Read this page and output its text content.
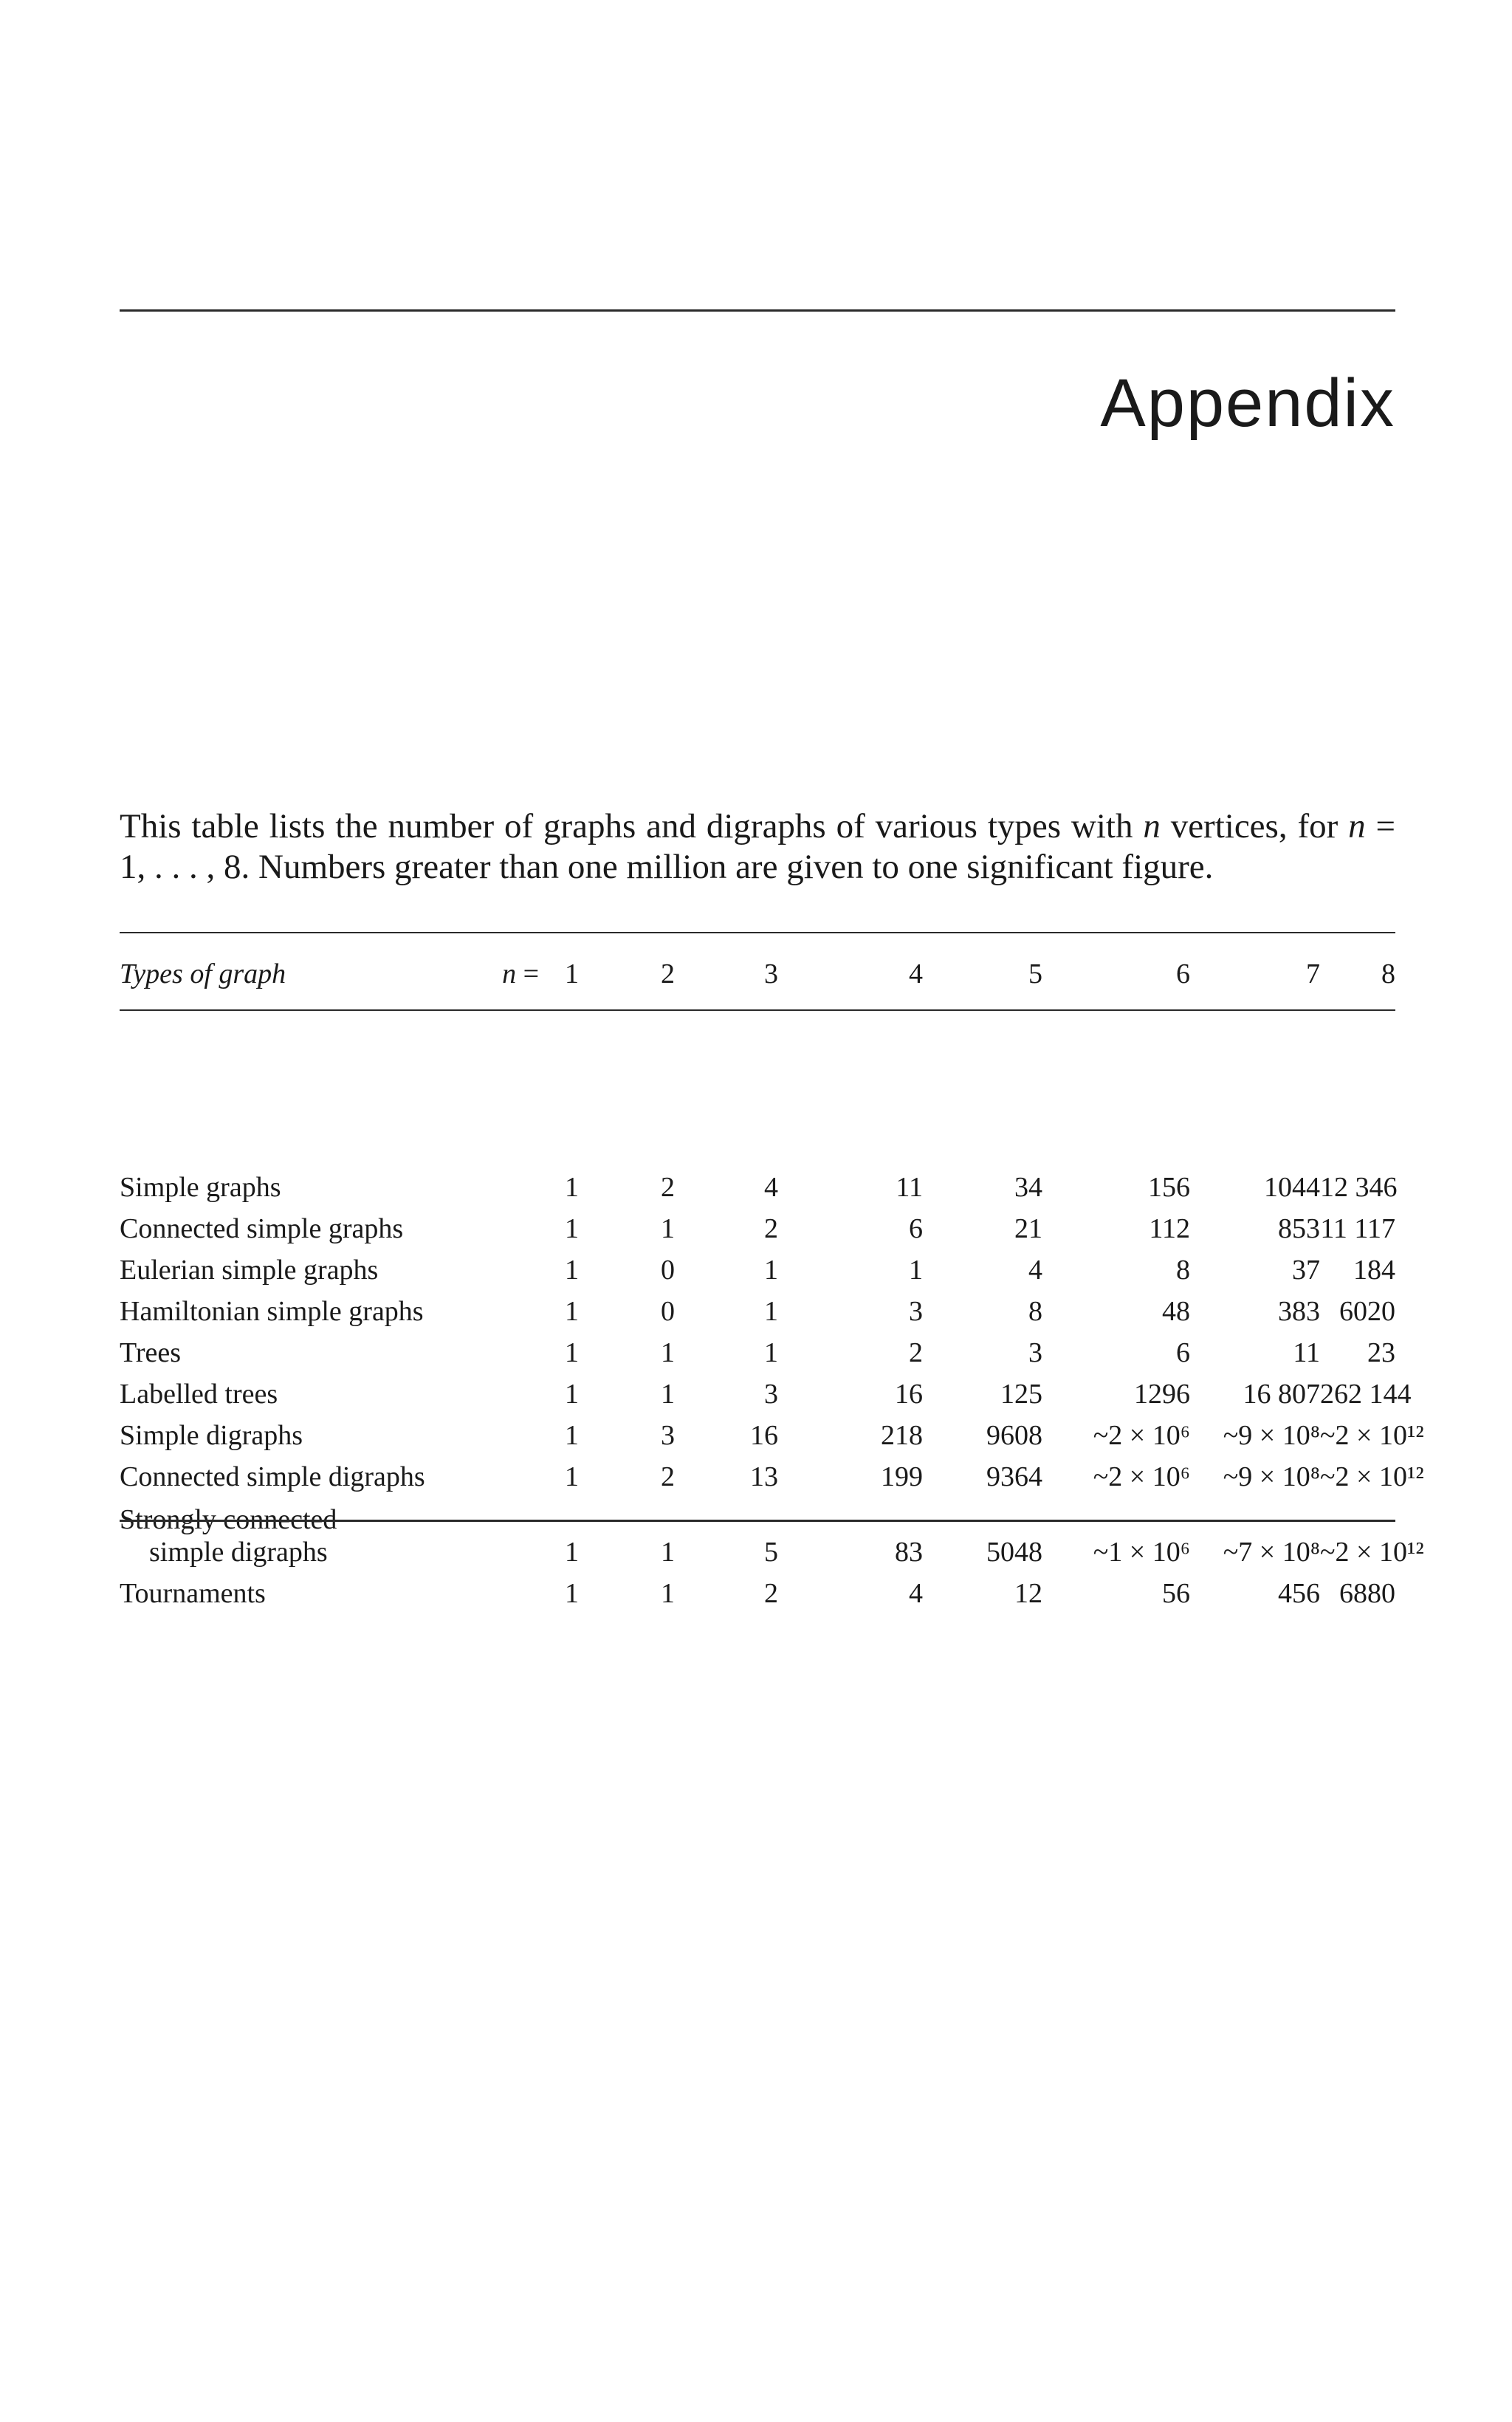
Appendix

This table lists the number of graphs and digraphs of various types with n vertices, for n = 1, . . . , 8. Numbers greater than one million are given to one significant figure.

Types of graph	n =	1	2	3	4	5	6	7	8

Simple graphs		1	2	4	11	34	156	1044	12 346

Connected simple graphs		1	1	2	6	21	112	853	11 117

Eulerian simple graphs		1	0	1	1	4	8	37	184

Hamiltonian simple graphs		1	0	1	3	8	48	383	6020

Trees		1	1	1	2	3	6	11	23

Labelled trees		1	1	3	16	125	1296	16 807	262 144

Simple digraphs		1	3	16	218	9608	~2 × 10⁶	~9 × 10⁸	~2 × 10¹²

Connected simple digraphs		1	2	13	199	9364	~2 × 10⁶	~9 × 10⁸	~2 × 10¹²

Strongly connected
simple digraphs		1	1	5	83	5048	~1 × 10⁶	~7 × 10⁸	~2 × 10¹²

Tournaments		1	1	2	4	12	56	456	6880
